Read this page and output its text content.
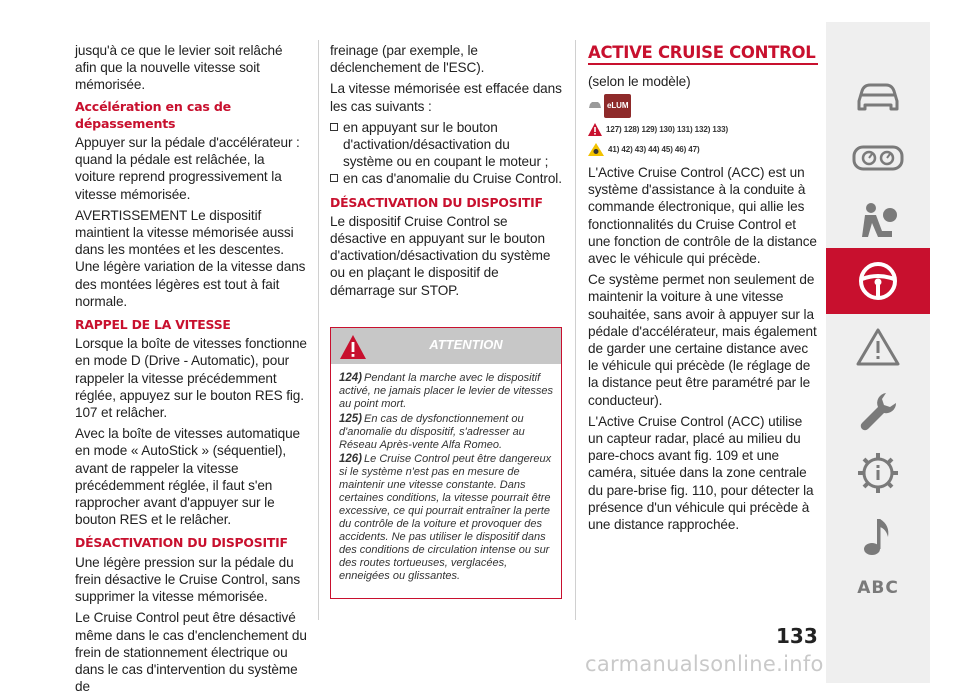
jusqu'à ce que le levier soit relâché afin que la nouvelle vitesse soit mémorisée.

Accélération en cas de dépassements

Appuyer sur la pédale d'accélérateur : quand la pédale est relâchée, la voiture reprend progressivement la vitesse mémorisée.

AVERTISSEMENT Le dispositif maintient la vitesse mémorisée aussi dans les montées et les descentes. Une légère variation de la vitesse dans des montées légères est tout à fait normale.

RAPPEL DE LA VITESSE

Lorsque la boîte de vitesses fonctionne en mode D (Drive - Automatic), pour rappeler la vitesse précédemment réglée, appuyez sur le bouton RES fig. 107 et relâcher.

Avec la boîte de vitesses automatique en mode « AutoStick » (séquentiel), avant de rappeler la vitesse précédemment réglée, il faut s'en rapprocher avant d'appuyer sur le bouton RES et le relâcher.

DÉSACTIVATION DU DISPOSITIF

Une légère pression sur la pédale du frein désactive le Cruise Control, sans supprimer la vitesse mémorisée.

Le Cruise Control peut être désactivé même dans le cas d'enclenchement du frein de stationnement électrique ou dans le cas d'intervention du système de

freinage (par exemple, le déclenchement de l'ESC).

La vitesse mémorisée est effacée dans les cas suivants :

en appuyant sur le bouton d'activation/désactivation du système ou en coupant le moteur ;
en cas d'anomalie du Cruise Control.
DÉSACTIVATION DU DISPOSITIF

Le dispositif Cruise Control se désactive en appuyant sur le bouton d'activation/désactivation du système ou en plaçant le dispositif de démarrage sur STOP.

ATTENTION

124) Pendant la marche avec le dispositif activé, ne jamais placer le levier de vitesses au point mort.

125) En cas de dysfonctionnement ou d'anomalie du dispositif, s'adresser au Réseau Après-vente Alfa Romeo.

126) Le Cruise Control peut être dangereux si le système n'est pas en mesure de maintenir une vitesse constante. Dans certaines conditions, la vitesse pourrait être excessive, ce qui pourrait entraîner la perte du contrôle de la voiture et provoquer des accidents. Ne pas utiliser le dispositif dans des conditions de circulation intense ou sur des routes tortueuses, verglacées, enneigées ou glissantes.

ACTIVE CRUISE CONTROL

(selon le modèle)

eLUM
127) 128) 129) 130) 131) 132) 133)
41) 42) 43) 44) 45) 46) 47)

L'Active Cruise Control (ACC) est un système d'assistance à la conduite à commande électronique, qui allie les fonctionnalités du Cruise Control et une fonction de contrôle de la distance avec le véhicule qui précède.

Ce système permet non seulement de maintenir la voiture à une vitesse souhaitée, sans avoir à appuyer sur la pédale d'accélérateur, mais également de garder une certaine distance avec le véhicule qui précède (le réglage de la distance peut être paramétré par le conducteur).

L'Active Cruise Control (ACC) utilise un capteur radar, placé au milieu du pare-chocs avant fig. 109 et une caméra, située dans la zone centrale du pare-brise fig. 110, pour détecter la présence d'un véhicule qui précède à une distance rapprochée.

ABC
133
carmanualsonline.info
